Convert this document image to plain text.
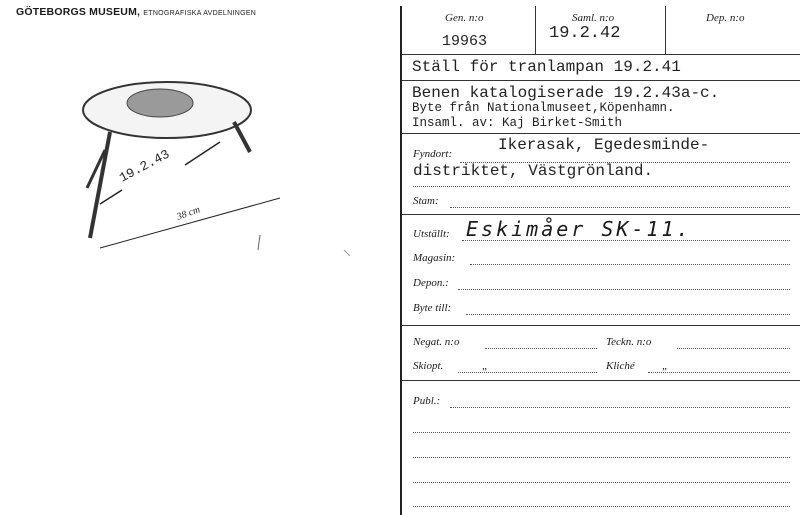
GÖTEBORGS MUSEUM, ETNOGRAFISKA AVDELNINGEN
19.2.43
38 cm
Gen. n:o
19963
Saml. n:o
19.2.42
Dep. n:o
Ställ för tranlampan 19.2.41
Benen katalogiserade 19.2.43a-c.
Byte från Nationalmuseet,Köpenhamn.
Insaml. av: Kaj Birket-Smith
Fyndort:	Ikerasak, Egedesminde-
distriktet, Västgrönland.
Stam:
Utställt: Eskimåer SK-11.
Magasin:
Depon.:
Byte till:
Negat. n:o	Teckn. n:o
Skiopt.	„	Kliché „
Publ.:
